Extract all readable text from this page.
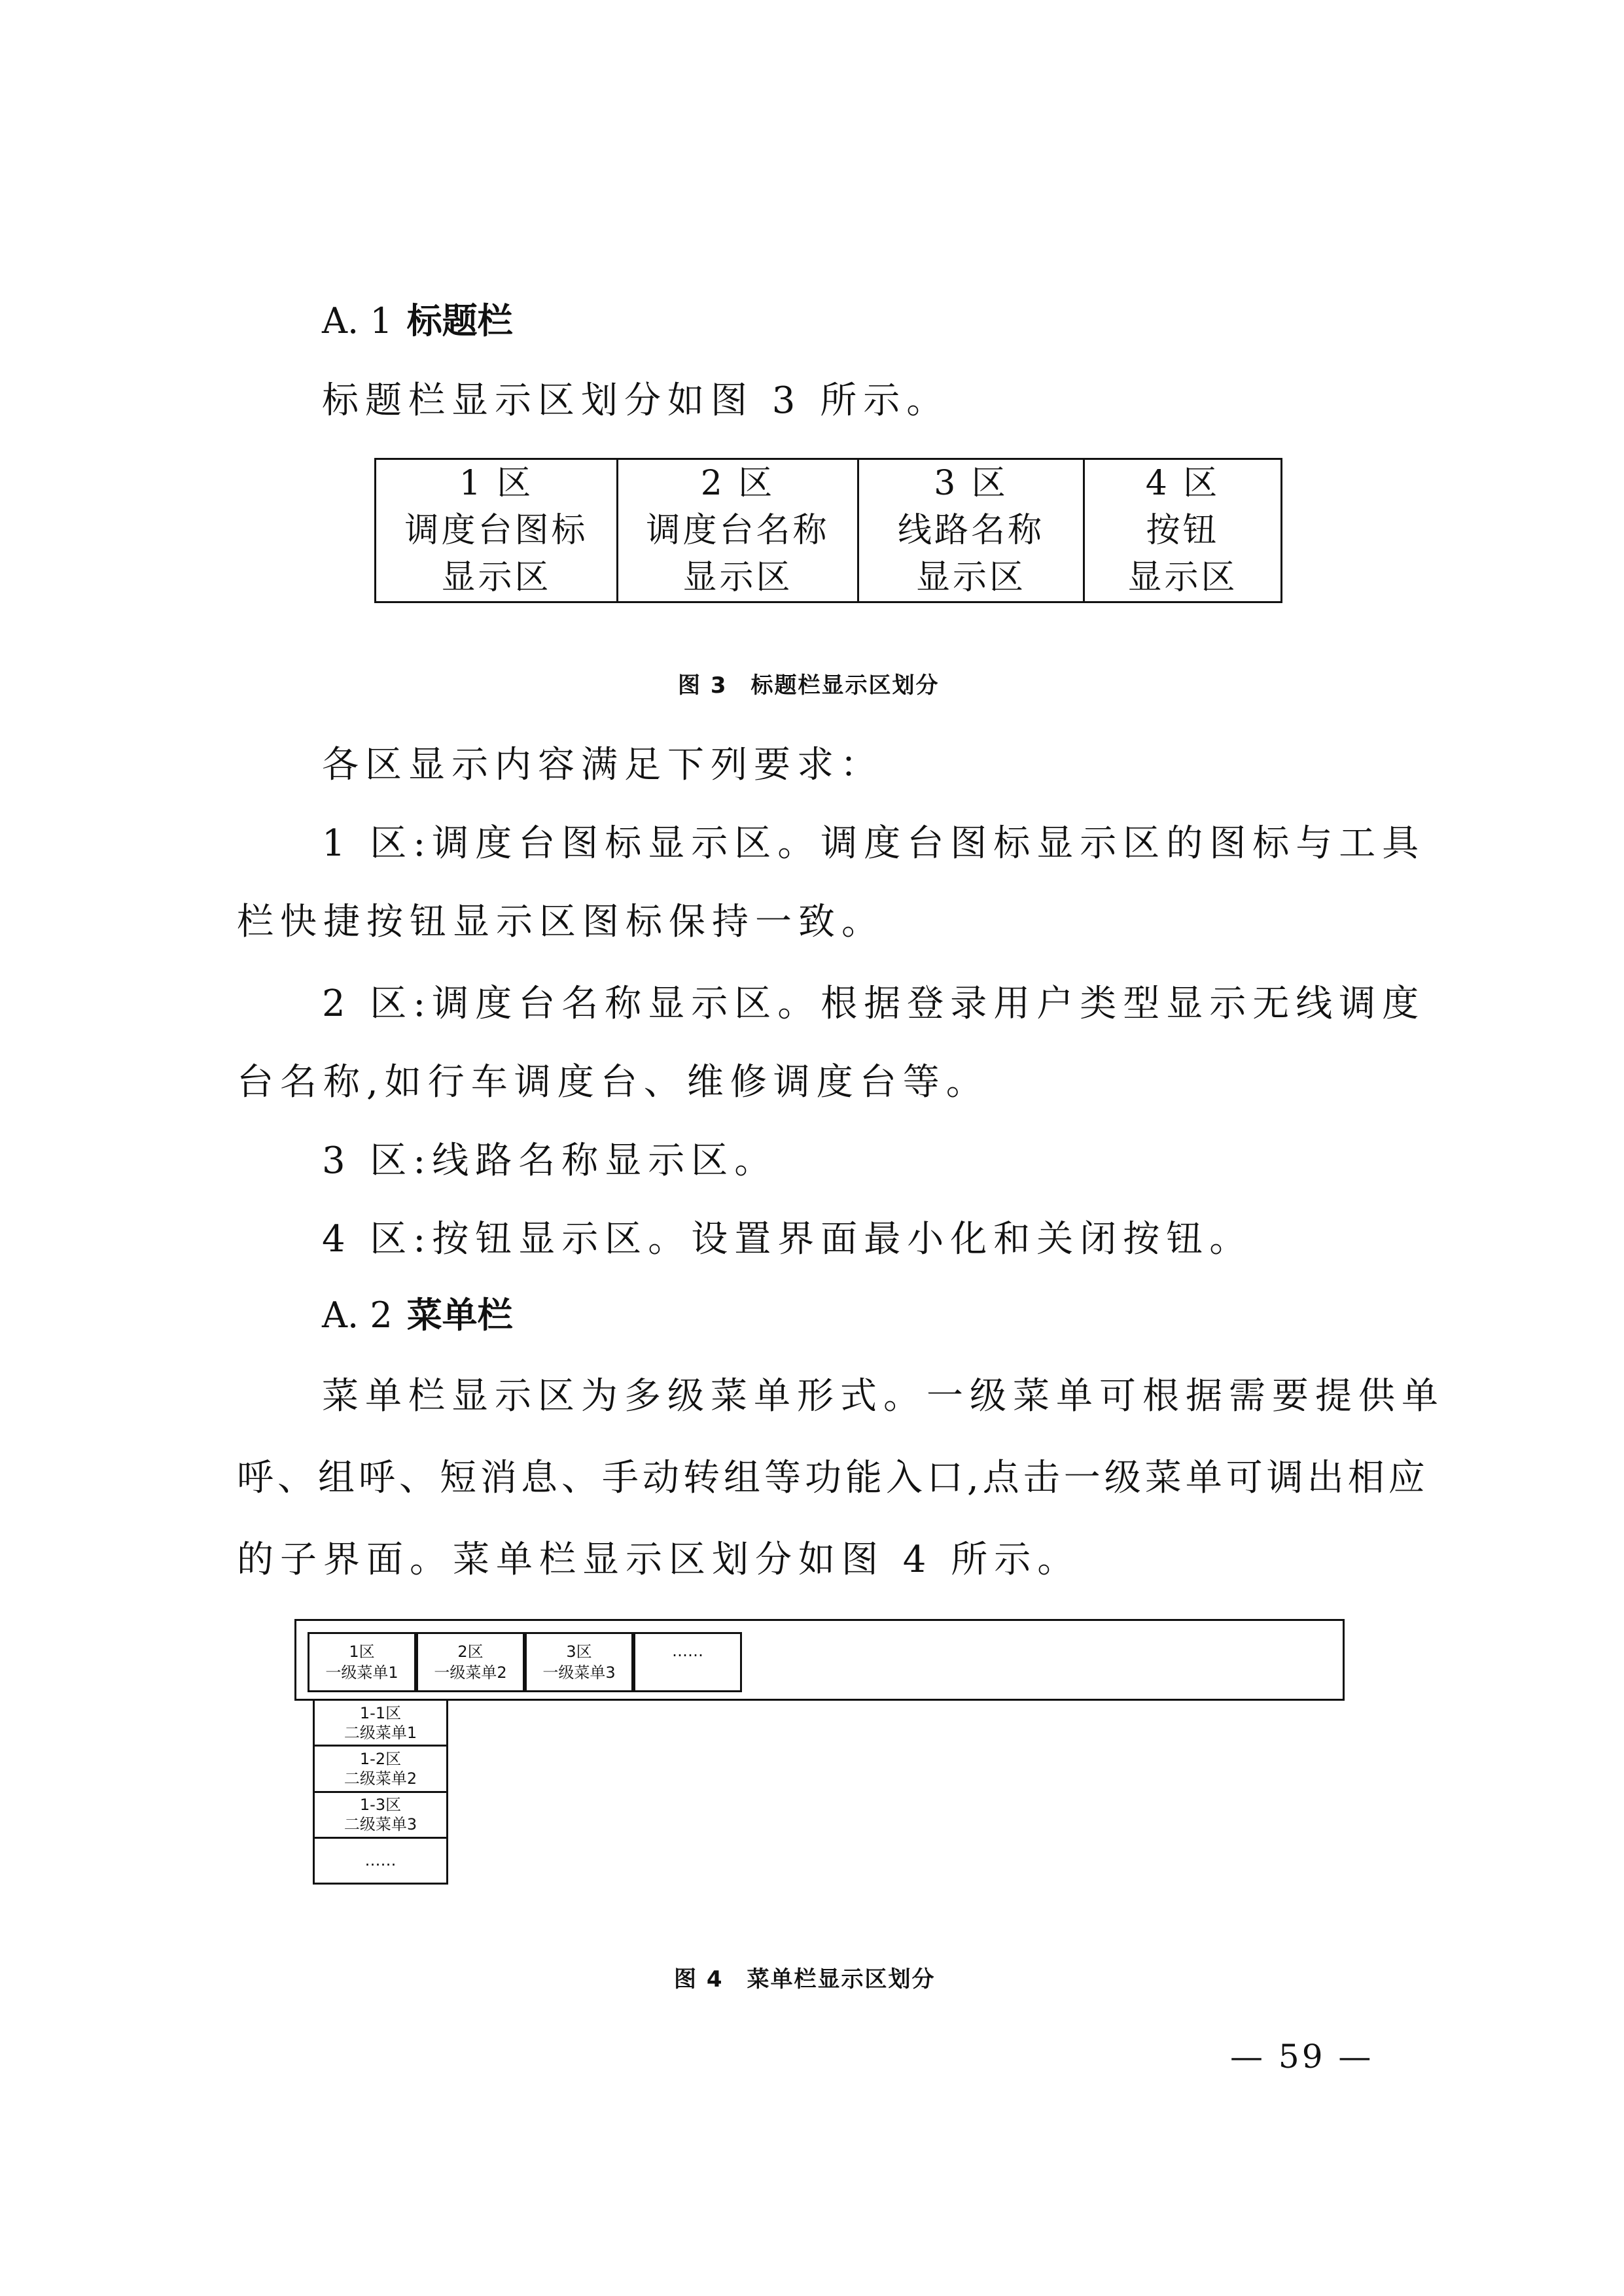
A. 1 标题栏
标题栏显示区划分如图 3 所示。
1 区
调度台图标
显示区
2 区
调度台名称
显示区
3 区
线路名称
显示区
4 区
按钮
显示区
图 3　标题栏显示区划分
各区显示内容满足下列要求：
1 区:调度台图标显示区。调度台图标显示区的图标与工具
栏快捷按钮显示区图标保持一致。
2 区:调度台名称显示区。根据登录用户类型显示无线调度
台名称,如行车调度台、维修调度台等。
3 区:线路名称显示区。
4 区:按钮显示区。设置界面最小化和关闭按钮。
A. 2 菜单栏
菜单栏显示区为多级菜单形式。一级菜单可根据需要提供单
呼、组呼、短消息、手动转组等功能入口,点击一级菜单可调出相应
的子界面。菜单栏显示区划分如图 4 所示。
1区
一级菜单1
2区
一级菜单2
3区
一级菜单3
……
1-1区
二级菜单1
1-2区
二级菜单2
1-3区
二级菜单3
……
图 4　菜单栏显示区划分
— 59 —
